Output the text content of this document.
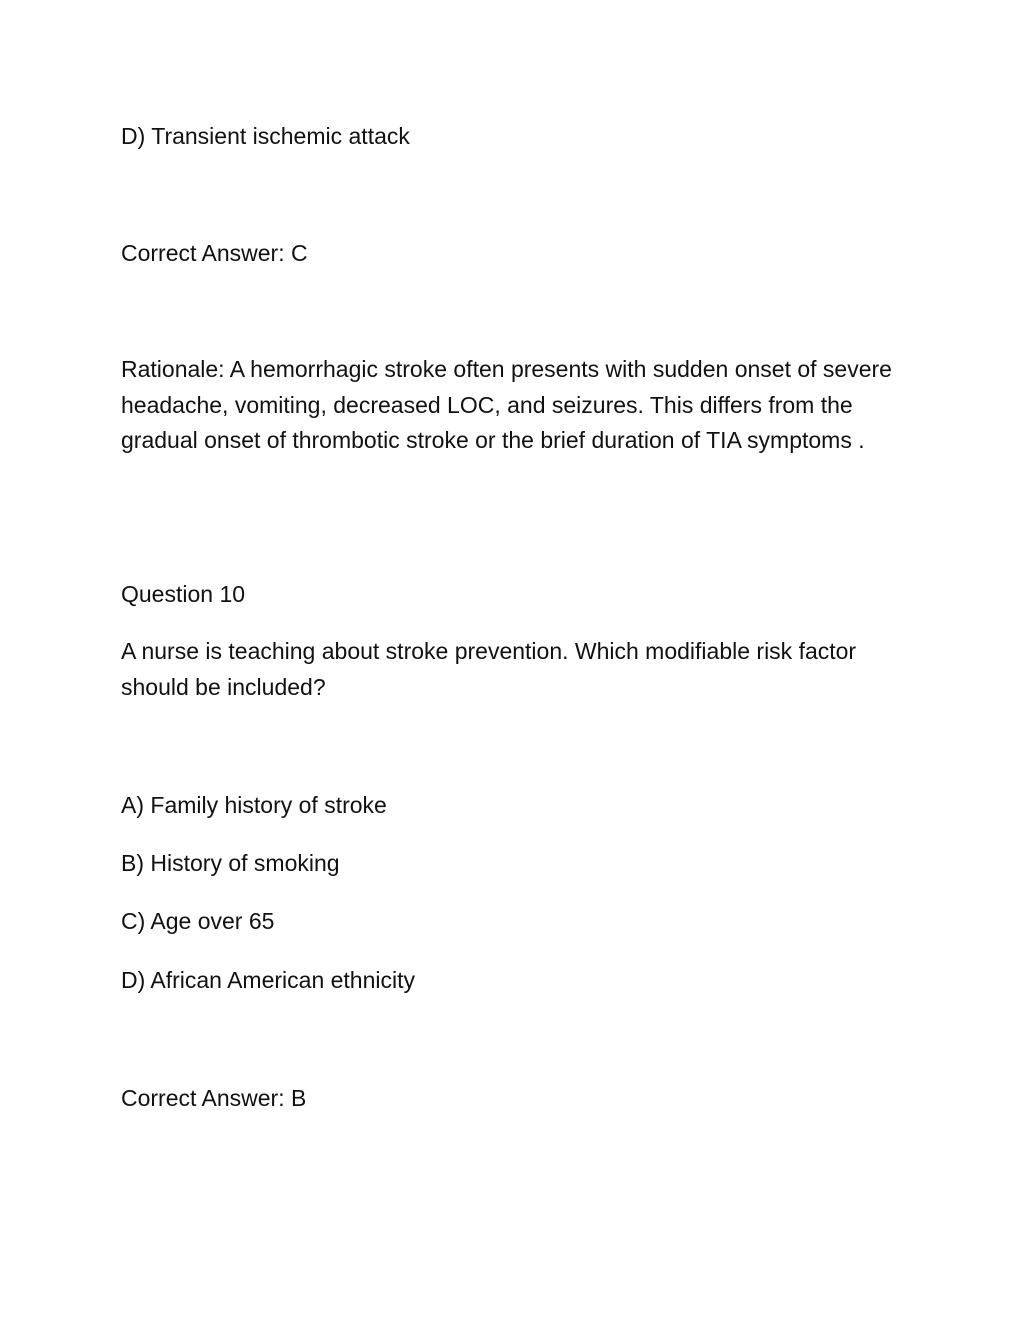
D) Transient ischemic attack

Correct Answer: C

Rationale: A hemorrhagic stroke often presents with sudden onset of severe headache, vomiting, decreased LOC, and seizures. This differs from the gradual onset of thrombotic stroke or the brief duration of TIA symptoms .

Question 10

A nurse is teaching about stroke prevention. Which modifiable risk factor should be included?

A) Family history of stroke

B) History of smoking

C) Age over 65

D) African American ethnicity

Correct Answer: B
